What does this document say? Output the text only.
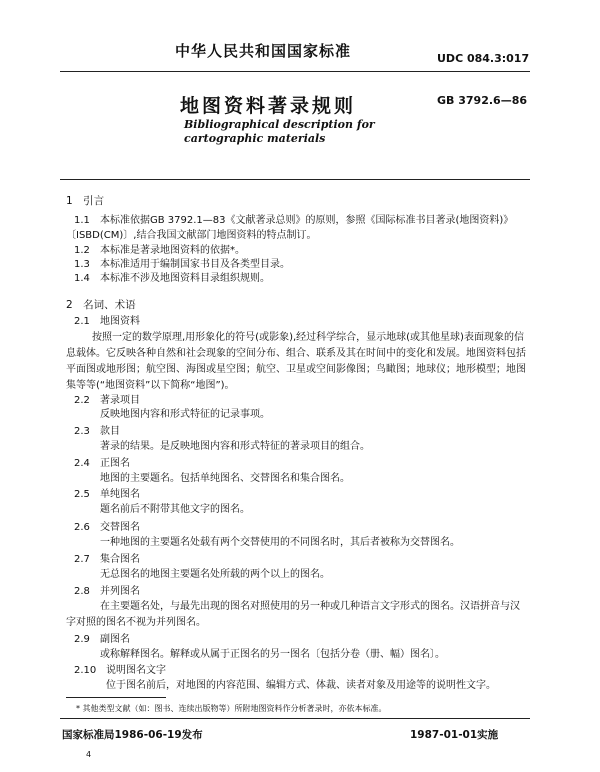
中华人民共和国国家标准	UDC 084.3:017
地图资料著录规则	GB 3792.6—86
Bibliographical description for
cartographic materials
1　引言
1.1 本标准依据GB 3792.1—83《文献著录总则》的原则，参照《国际标准书目著录(地图资料)》
〔ISBD(CM)〕,结合我国文献部门地图资料的特点制订。
1.2 本标准是著录地图资料的依据*。
1.3 本标准适用于编制国家书目及各类型目录。
1.4 本标准不涉及地图资料目录组织规则。
2　名词、术语
2.1 地图资料
按照一定的数学原理,用形象化的符号(或影象),经过科学综合，显示地球(或其他星球)表面现象的信息载体。它反映各种自然和社会现象的空间分布、组合、联系及其在时间中的变化和发展。地图资料包括平面图或地形图；航空图、海图或星空图；航空、卫星或空间影像图；鸟瞰图；地球仪；地形模型；地图集等等(“地图资料”以下简称“地图”)。
2.2 著录项目
反映地图内容和形式特征的记录事项。
2.3 款目
著录的结果。是反映地图内容和形式特征的著录项目的组合。
2.4 正图名
地图的主要题名。包括单纯图名、交替图名和集合图名。
2.5 单纯图名
题名前后不附带其他文字的图名。
2.6 交替图名
一种地图的主要题名处载有两个交替使用的不同图名时，其后者被称为交替图名。
2.7 集合图名
无总图名的地图主要题名处所载的两个以上的图名。
2.8 并列图名
在主要题名处，与最先出现的图名对照使用的另一种或几种语言文字形式的图名。汉语拼音与汉字对照的图名不视为并列图名。
2.9 副图名
或称解释图名。解释或从属于正图名的另一图名〔包括分卷（册、幅）图名〕。
2.10 说明图名文字
位于图名前后，对地图的内容范围、编辑方式、体裁、读者对象及用途等的说明性文字。
* 其他类型文献（如：图书、连续出版物等）所附地图资料作分析著录时，亦依本标准。
国家标准局1986-06-19发布	1987-01-01实施
4
